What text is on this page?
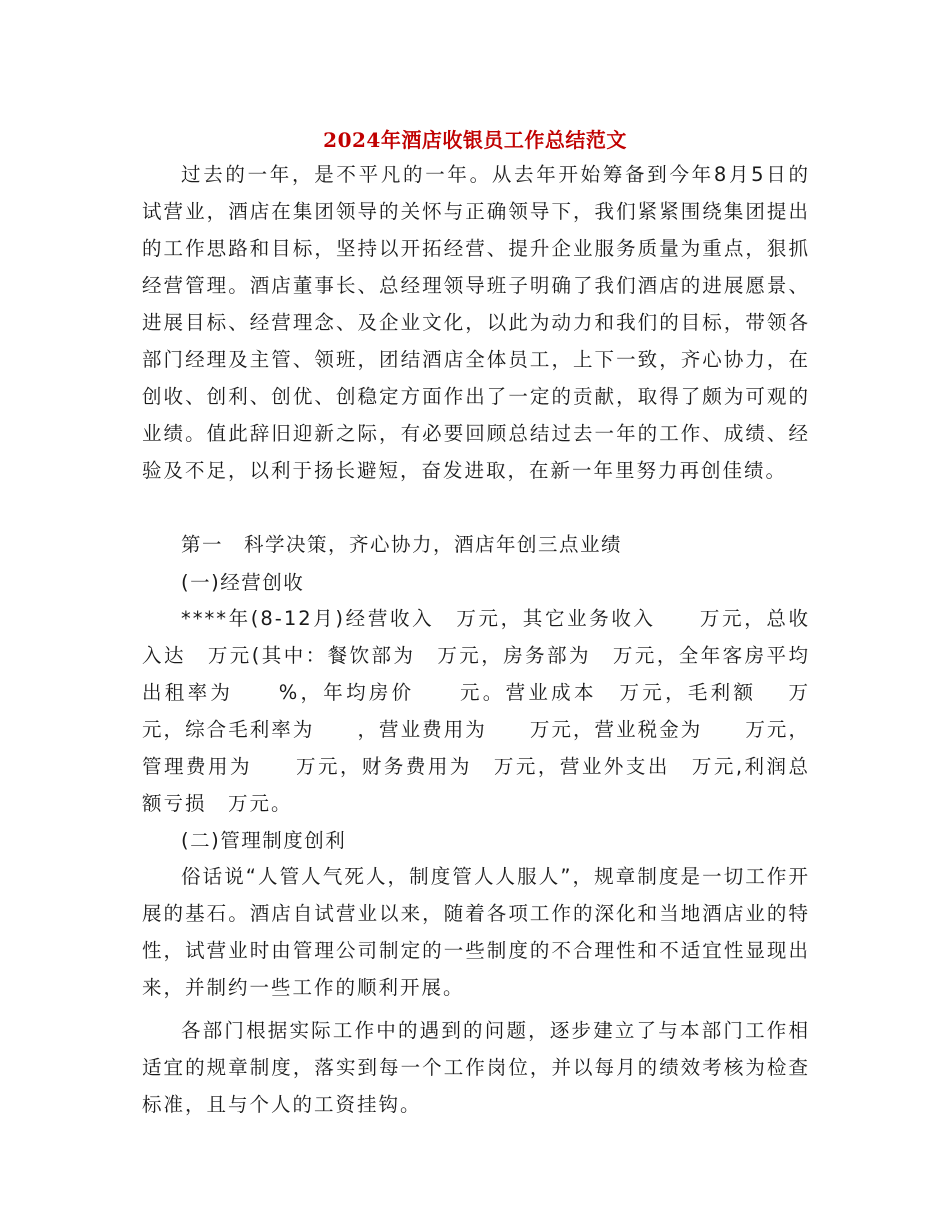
2024年酒店收银员工作总结范文

过去的一年，是不平凡的一年。从去年开始筹备到今年8月5日的试营业，酒店在集团领导的关怀与正确领导下，我们紧紧围绕集团提出的工作思路和目标，坚持以开拓经营、提升企业服务质量为重点，狠抓经营管理。酒店董事长、总经理领导班子明确了我们酒店的进展愿景、进展目标、经营理念、及企业文化，以此为动力和我们的目标，带领各部门经理及主管、领班，团结酒店全体员工，上下一致，齐心协力，在创收、创利、创优、创稳定方面作出了一定的贡献，取得了颇为可观的业绩。值此辞旧迎新之际，有必要回顾总结过去一年的工作、成绩、经验及不足，以利于扬长避短，奋发进取，在新一年里努力再创佳绩。

第一　科学决策，齐心协力，酒店年创三点业绩

(一)经营创收

****年(8-12月)经营收入　万元，其它业务收入　　万元，总收入达　万元(其中：餐饮部为　万元，房务部为　万元，全年客房平均出租率为　　%，年均房价　　元。营业成本　万元，毛利额　 万元，综合毛利率为　　，营业费用为　　万元，营业税金为　　万元，管理费用为　　万元，财务费用为　万元，营业外支出　万元,利润总额亏损　万元。

(二)管理制度创利

俗话说“人管人气死人，制度管人人服人”，规章制度是一切工作开展的基石。酒店自试营业以来，随着各项工作的深化和当地酒店业的特性，试营业时由管理公司制定的一些制度的不合理性和不适宜性显现出来，并制约一些工作的顺利开展。

各部门根据实际工作中的遇到的问题，逐步建立了与本部门工作相适宜的规章制度，落实到每一个工作岗位，并以每月的绩效考核为检查标准，且与个人的工资挂钩。
